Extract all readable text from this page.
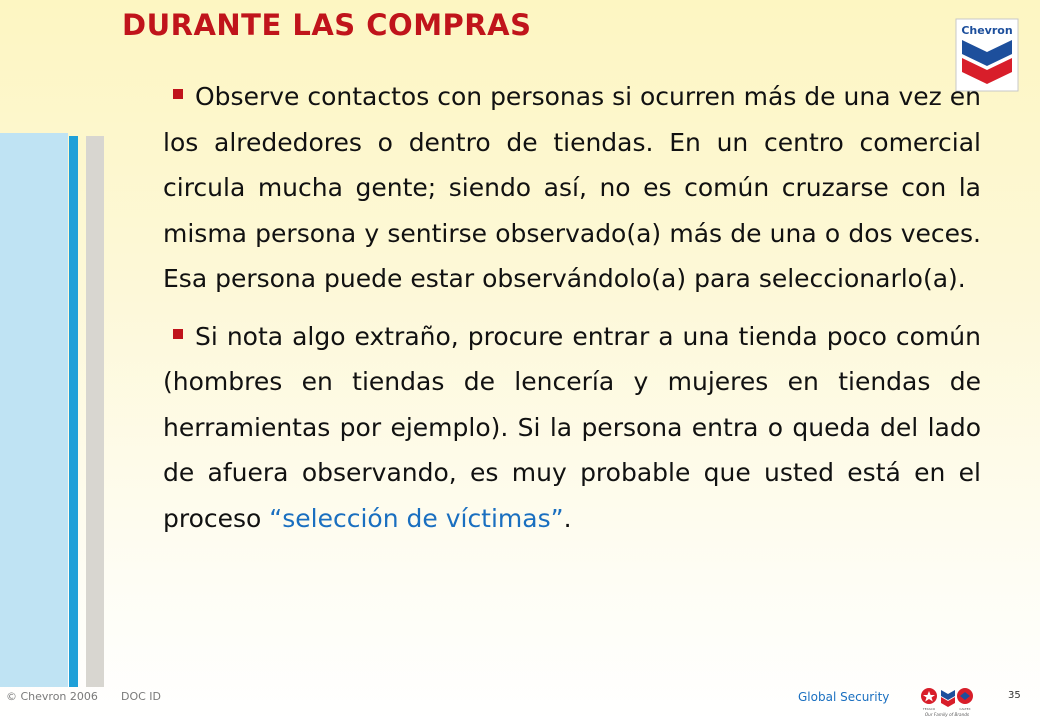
DURANTE LAS COMPRAS	Chevron

Observe contactos con personas si ocurren más de una vez en los alrededores o dentro de tiendas. En un centro comercial circula mucha gente; siendo así, no es común cruzarse con la misma persona y sentirse observado(a) más de una o dos veces. Esa persona puede estar observándolo(a) para seleccionarlo(a).

Si nota algo extraño, procure entrar a una tienda poco común (hombres en tiendas de lencería y mujeres en tiendas de herramientas por ejemplo). Si la persona entra o queda del lado de afuera observando, es muy probable que usted está en el proceso “selección de víctimas”.

© Chevron 2006 DOC ID	Global Security
TEXACO	CALTEX
Our Family of Brands
35
